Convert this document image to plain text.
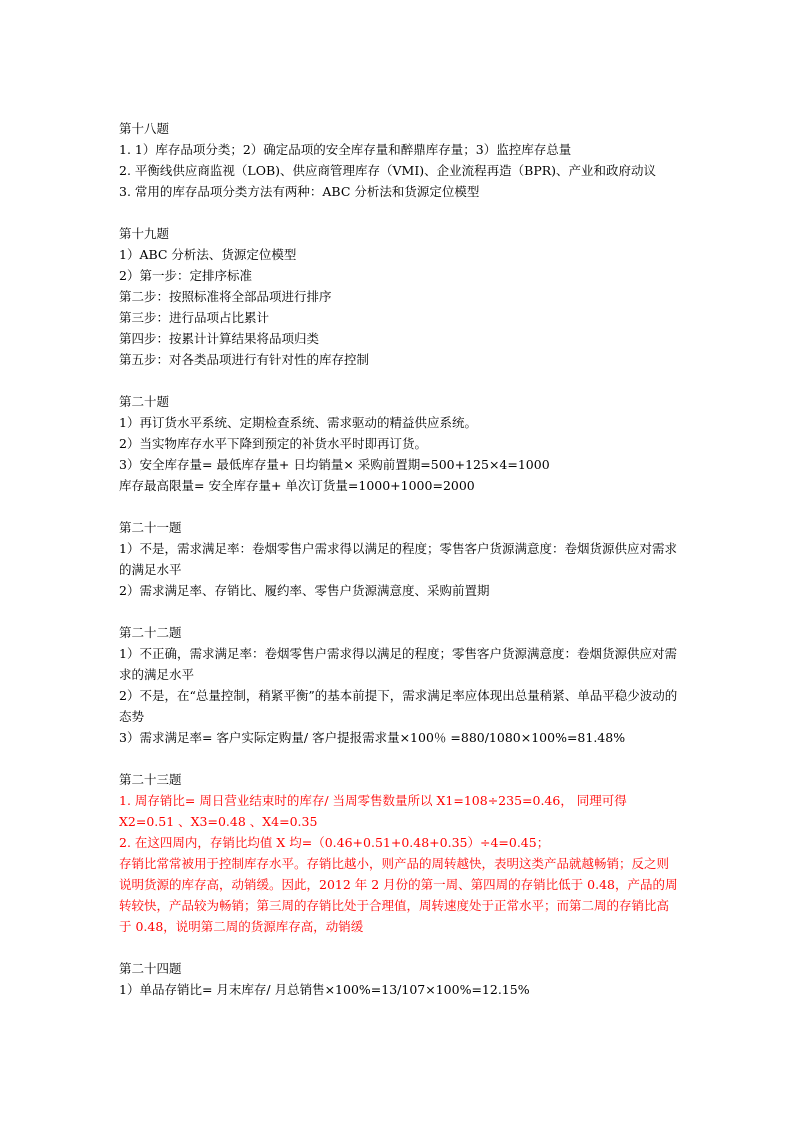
第十八题
1. 1）库存品项分类；2）确定品项的安全库存量和醉鼎库存量；3）监控库存总量
2. 平衡线供应商监视（LOB)、供应商管理库存（VMI)、企业流程再造（BPR)、产业和政府动议
3. 常用的库存品项分类方法有两种：ABC 分析法和货源定位模型
第十九题
1）ABC 分析法、货源定位模型
2）第一步：定排序标准
第二步：按照标准将全部品项进行排序
第三步：进行品项占比累计
第四步：按累计计算结果将品项归类
第五步：对各类品项进行有针对性的库存控制
第二十题
1）再订货水平系统、定期检查系统、需求驱动的精益供应系统。
2）当实物库存水平下降到预定的补货水平时即再订货。
3）安全库存量= 最低库存量+ 日均销量× 采购前置期=500+125×4=1000
库存最高限量= 安全库存量+ 单次订货量=1000+1000=2000
第二十一题
1）不是，需求满足率：卷烟零售户需求得以满足的程度；零售客户货源满意度：卷烟货源供应对需求的满足水平
2）需求满足率、存销比、履约率、零售户货源满意度、采购前置期
第二十二题
1）不正确，需求满足率：卷烟零售户需求得以满足的程度；零售客户货源满意度：卷烟货源供应对需求的满足水平
2）不是，在“总量控制，稍紧平衡”的基本前提下，需求满足率应体现出总量稍紧、单品平稳少波动的态势
3）需求满足率= 客户实际定购量/ 客户提报需求量×100％ =880/1080×100%=81.48%
第二十三题
1. 周存销比= 周日营业结束时的库存/ 当周零售数量所以 X1=108÷235=0.46， 同理可得 X2=0.51 、X3=0.48 、X4=0.35
2. 在这四周内，存销比均值 X 均=（0.46+0.51+0.48+0.35）÷4=0.45；
存销比常常被用于控制库存水平。存销比越小，则产品的周转越快，表明这类产品就越畅销；反之则说明货源的库存高，动销缓。因此，2012 年 2 月份的第一周、第四周的存销比低于 0.48，产品的周转较快，产品较为畅销；第三周的存销比处于合理值，周转速度处于正常水平；而第二周的存销比高于 0.48，说明第二周的货源库存高，动销缓
第二十四题
1）单品存销比= 月末库存/ 月总销售×100%=13/107×100%=12.15%
